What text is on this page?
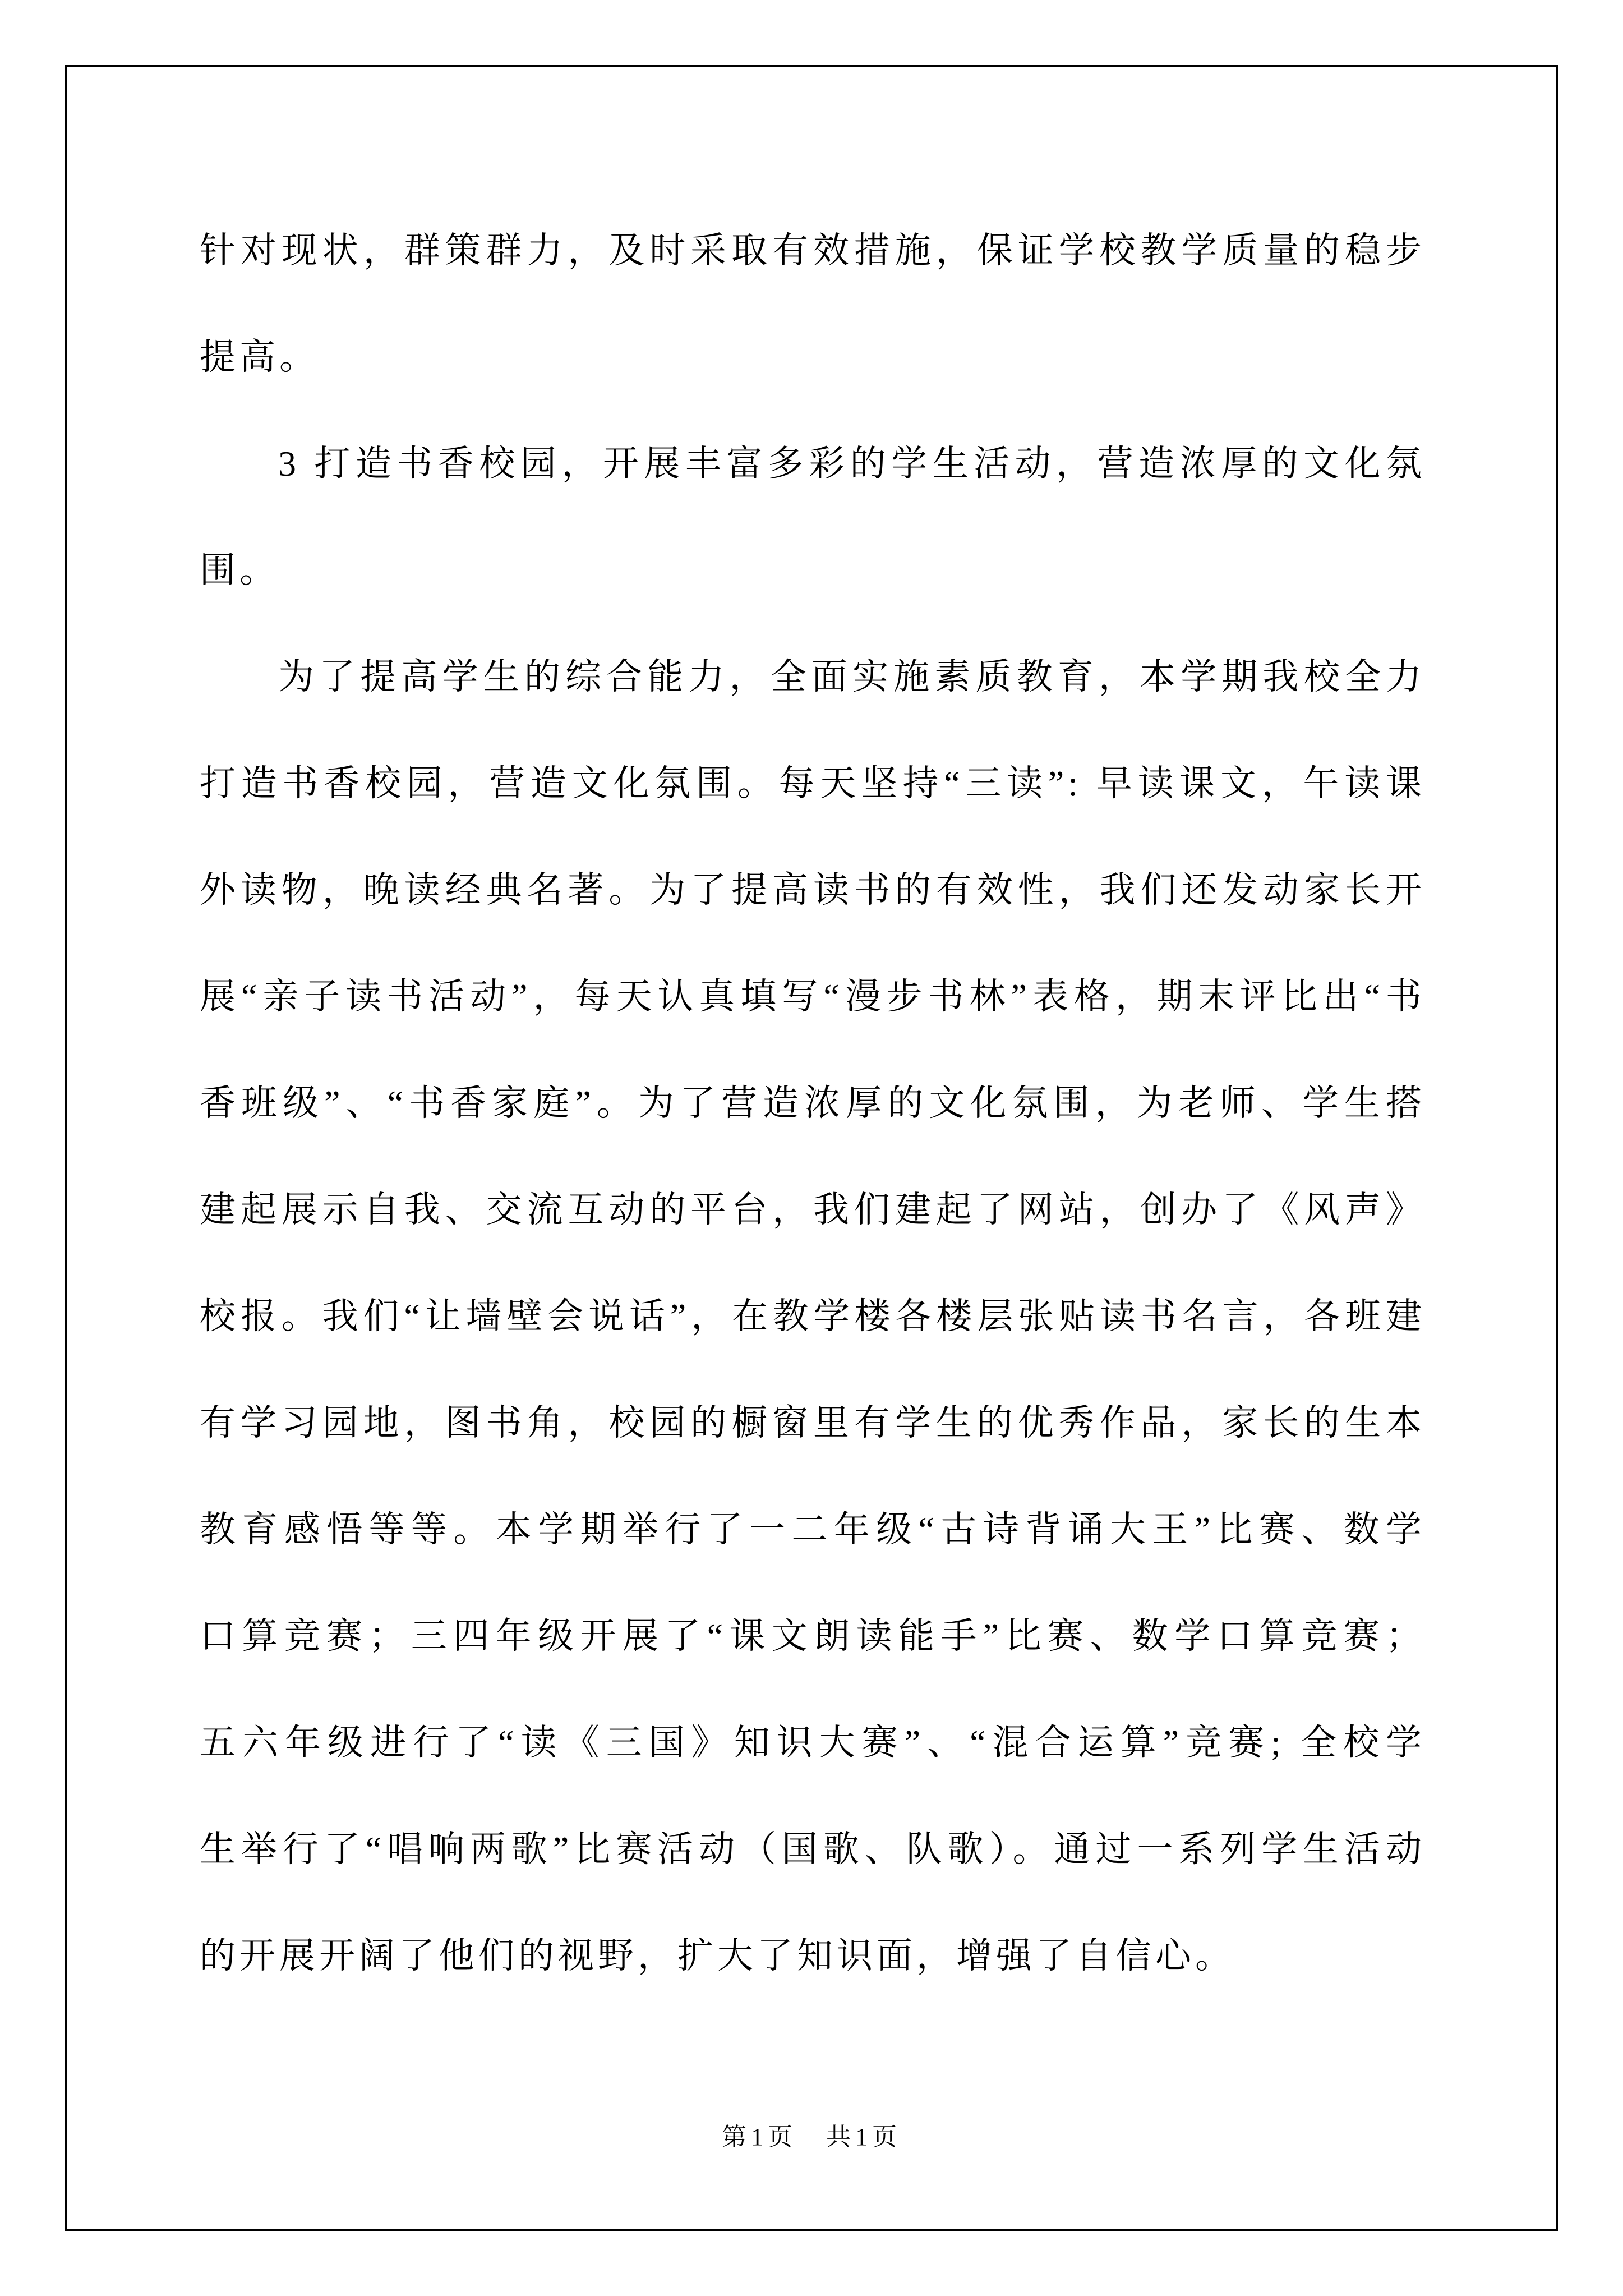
针对现状，群策群力，及时采取有效措施，保证学校教学质量的稳步
提高。
3 打造书香校园，开展丰富多彩的学生活动，营造浓厚的文化氛
围。
为了提高学生的综合能力，全面实施素质教育，本学期我校全力
打造书香校园，营造文化氛围。每天坚持“三读”: 早读课文，午读课
外读物，晚读经典名著。为了提高读书的有效性，我们还发动家长开
展“亲子读书活动”，每天认真填写“漫步书林”表格，期末评比出“书
香班级”、“书香家庭”。为了营造浓厚的文化氛围，为老师、学生搭
建起展示自我、交流互动的平台，我们建起了网站，创办了《风声》
校报。我们“让墙壁会说话”，在教学楼各楼层张贴读书名言，各班建
有学习园地，图书角，校园的橱窗里有学生的优秀作品，家长的生本
教育感悟等等。本学期举行了一二年级“古诗背诵大王”比赛、数学
口算竞赛；三四年级开展了“课文朗读能手”比赛、数学口算竞赛；
五六年级进行了“读《三国》知识大赛”、“混合运算”竞赛; 全校学
生举行了“唱响两歌”比赛活动（国歌、队歌）。通过一系列学生活动
的开展开阔了他们的视野，扩大了知识面，增强了自信心。
第1页　共1页
